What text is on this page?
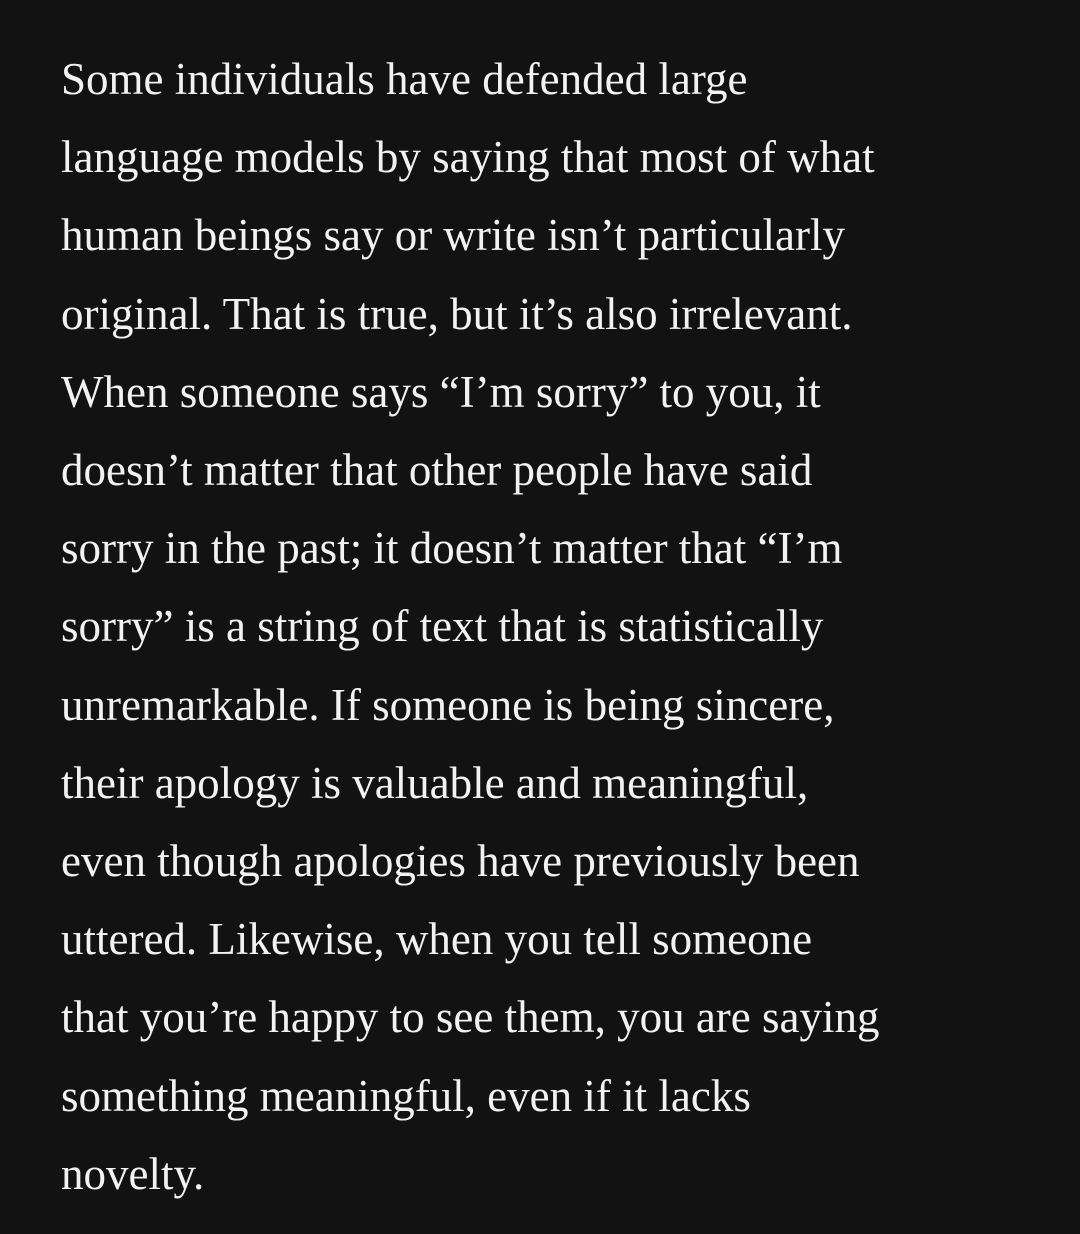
Some individuals have defended large
language models by saying that most of what
human beings say or write isn’t particularly
original. That is true, but it’s also irrelevant.
When someone says “I’m sorry” to you, it
doesn’t matter that other people have said
sorry in the past; it doesn’t matter that “I’m
sorry” is a string of text that is statistically
unremarkable. If someone is being sincere,
their apology is valuable and meaningful,
even though apologies have previously been
uttered. Likewise, when you tell someone
that you’re happy to see them, you are saying
something meaningful, even if it lacks
novelty.
